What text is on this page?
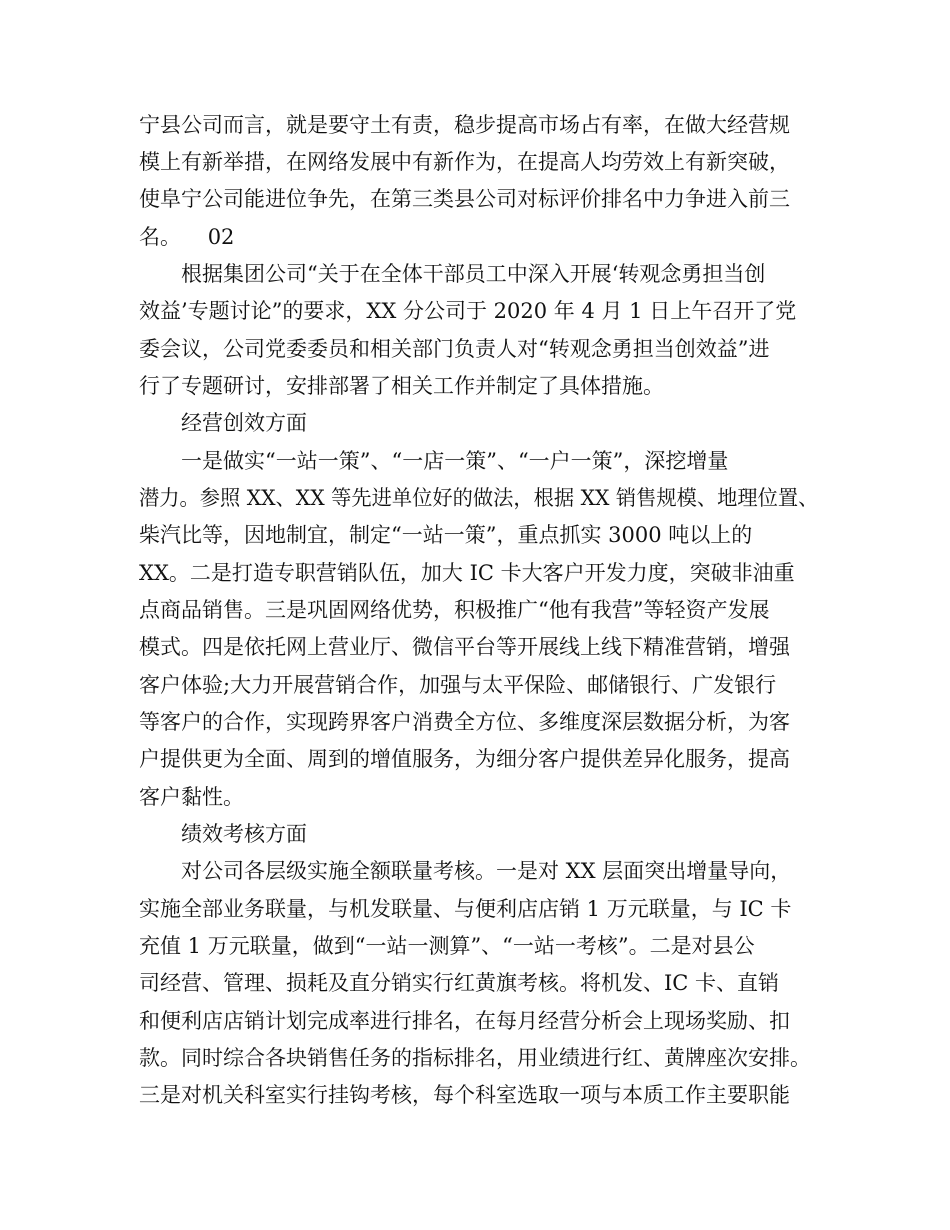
宁县公司而言，就是要守土有责，稳步提高市场占有率，在做大经营规
模上有新举措，在网络发展中有新作为，在提高人均劳效上有新突破，
使阜宁公司能进位争先，在第三类县公司对标评价排名中力争进入前三
名。    02
根据集团公司“关于在全体干部员工中深入开展‘转观念勇担当创
效益’专题讨论”的要求，XX 分公司于 2020 年 4 月 1 日上午召开了党
委会议，公司党委委员和相关部门负责人对“转观念勇担当创效益”进
行了专题研讨，安排部署了相关工作并制定了具体措施。
经营创效方面
一是做实“一站一策”、“一店一策”、“一户一策”，深挖增量
潜力。参照 XX、XX 等先进单位好的做法，根据 XX 销售规模、地理位置、
柴汽比等，因地制宜，制定“一站一策”，重点抓实 3000 吨以上的
XX。二是打造专职营销队伍，加大 IC 卡大客户开发力度，突破非油重
点商品销售。三是巩固网络优势，积极推广“他有我营”等轻资产发展
模式。四是依托网上营业厅、微信平台等开展线上线下精准营销，增强
客户体验;大力开展营销合作，加强与太平保险、邮储银行、广发银行
等客户的合作，实现跨界客户消费全方位、多维度深层数据分析，为客
户提供更为全面、周到的增值服务，为细分客户提供差异化服务，提高
客户黏性。
绩效考核方面
对公司各层级实施全额联量考核。一是对 XX 层面突出增量导向，
实施全部业务联量，与机发联量、与便利店店销 1 万元联量，与 IC 卡
充值 1 万元联量，做到“一站一测算”、“一站一考核”。二是对县公
司经营、管理、损耗及直分销实行红黄旗考核。将机发、IC 卡、直销
和便利店店销计划完成率进行排名，在每月经营分析会上现场奖励、扣
款。同时综合各块销售任务的指标排名，用业绩进行红、黄牌座次安排。
三是对机关科室实行挂钩考核，每个科室选取一项与本质工作主要职能
